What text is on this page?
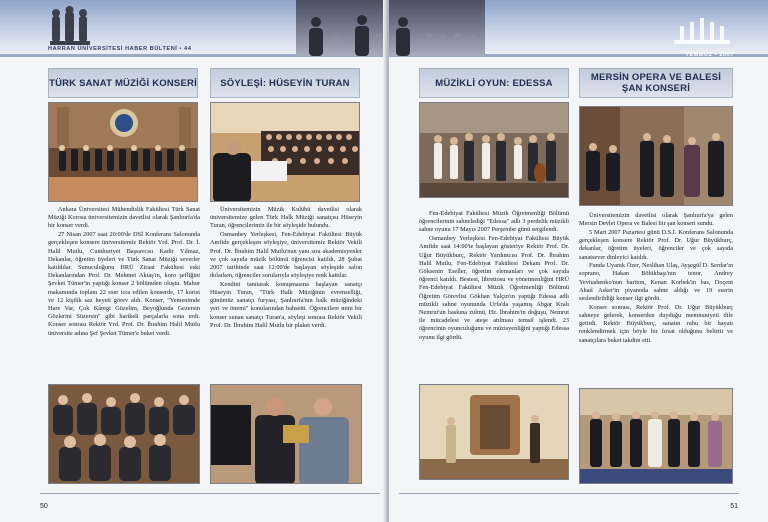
HARRAN ÜNİVERSİTESİ HABER BÜLTENİ • 44
TÜRK SANAT MÜZİĞİ KONSERİ

Ankara Üniversitesi Mühendislik Fakültesi Türk Sanat Müziği Korosu üniversitemizin davetlisi olarak Şanlıurfa'da bir konser verdi.

27 Nisan 2007 saat 20:00'de DSİ Konferans Salonunda gerçekleşen konsere üniversitemiz Rektör Yrd. Prof. Dr. İ. Halil Mutlu, Cumhuriyet Başsavcısı Kadir Yılmaz, Dekanlar, öğretim üyeleri ve Türk Sanat Müziği severler katıldılar. Sunuculuğunu HRÜ Ziraat Fakültesi eski Dekanlarından Prof. Dr. Mehmet Aktaş'ın, koro şefliğini Şevket Tümer'in yaptığı konser 2 bölümden oluştu. Mahur makamında toplam 22 eser icra edilen konserde, 17 korist ve 12 kişilik saz heyeti görev aldı. Konser, "Yemenimde Hare Var, Çok Kâregi Güzelim, Beyoğlunda Gezersin Gözlerini Süzersin" gibi harikeli parçalarla sona erdi. Konser sonrası Rektör Yrd. Prof. Dr. İbrahim Halil Mutlu üniversite adına Şef Şevket Tümer'e buket verdi.

SÖYLEŞİ: HÜSEYİN TURAN

Üniversitemizin Müzik Kulübü davetlisi olarak üniversitemize gelen Türk Halk Müziği sanatçısı Hüseyin Turan, öğrencilerimiz ile bir söyleşide bulundu.

Osmanbey Yerleşkesi, Fen-Edebiyat Fakültesi Büyük Amfide gerçekleşen söyleşiye, üniversitemiz Rektör Vekili Prof. Dr. İbrahim Halil Mutlu'nun yanı sıra akademisyenler ve çok sayıda müzik bölümü öğrencisi katıldı. 28 Şubat 2007 tarihinde saat 12:00'de başlayan söyleşide salon dolarken, öğrenciler sorularıyla söyleşiye renk kattılar.

Kendini tanıtarak konuşmasına başlayan sanatçı Hüseyin Turan, "Türk Halk Müziğinin evrenselliği, günümüz sanatçı furyası, Şanlıurfa'nın halk müziğindeki yeri ve önemi" konularından bahsetti. Öğrencilere mini bir konser sunan sanatçı Turan'a, söyleşi sonrası Rektör Vekili Prof. Dr. İbrahim Halil Mutlu bir plaket verdi.

50
TEMMUZ • 2007
MÜZİKLİ OYUN: EDESSA

Fen-Edebiyat Fakültesi Müzik Öğretmenliği Bölümü öğrencilerinin sahnelediği "Edessa" adlı 3 perdelik müzikli sahne oyunu 17 Mayıs 2007 Perşembe günü sergilendi.

Osmanbey Yerleşkesi Fen-Edebiyat Fakültesi Büyük Amfide saat 14:00'te başlayan gösteriye Rektör Prof. Dr. Uğur Büyükburç, Rektör Yardımcısı Prof. Dr. İbrahim Halil Mutlu, Fen-Edebiyat Fakültesi Dekanı Prof. Dr. Göksenin Eseller, öğretim elemanları ve çok sayıda öğrenci katıldı. Bestesi, librettosu ve yönetmenliğini HRÜ Fen-Edebiyat Fakültesi Müzik Öğretmenliği Bölümü Öğretim Görevlisi Gökhan Yalçın'ın yaptığı Edessa adlı müzikli sahne oyununda Urfa'da yaşamış Abgar Kralı Nemrut'un baskına zulmü, Hz. İbrahim'in doğuşu, Nemrut ile mücadelesi ve ateşe atılması temsil işlendi. 23 öğrencinin oyunculuğunu ve müzisyenliğini yaptığı Edessa oyunu ilgi gördü.

MERSİN OPERA VE BALESİ ŞAN KONSERİ

Üniversitemizin davetlisi olarak Şanlıurfa'ya gelen Mersin Devlet Opera ve Balesi bir şan konseri sundu.

5 Mart 2007 Pazartesi günü D.S.İ. Konferans Salonunda gerçekleşen konsere Rektör Prof. Dr. Uğur Büyükburç, dekanlar, öğretim üyeleri, öğrenciler ve çok sayıda sanatsever dinleyici katıldı.

Funda Uyanık Özer, Neslihan Ulaş, Ayşegül D. Serdar'ın soprano, Hakan Bölükbaşı'nın tenor, Andrey Yevtushenko'nun bariton, Kenan Korbek'in bas, Doçent Ahad Asker'in piyanoda sahne aldığı ve 19 eserin seslendirildiği konser ilgi gördü.

Konser sonrası, Rektör Prof. Dr. Uğur Büyükburç sahneye gelerek, konserden duyduğu memnuniyeti dile getirdi. Rektör Büyükburç, sanatın ruhu bir hayatı renklendirmek için böyle bir fırsat olduğunu belirtti ve sanatçılara buket takdim etti.

51
